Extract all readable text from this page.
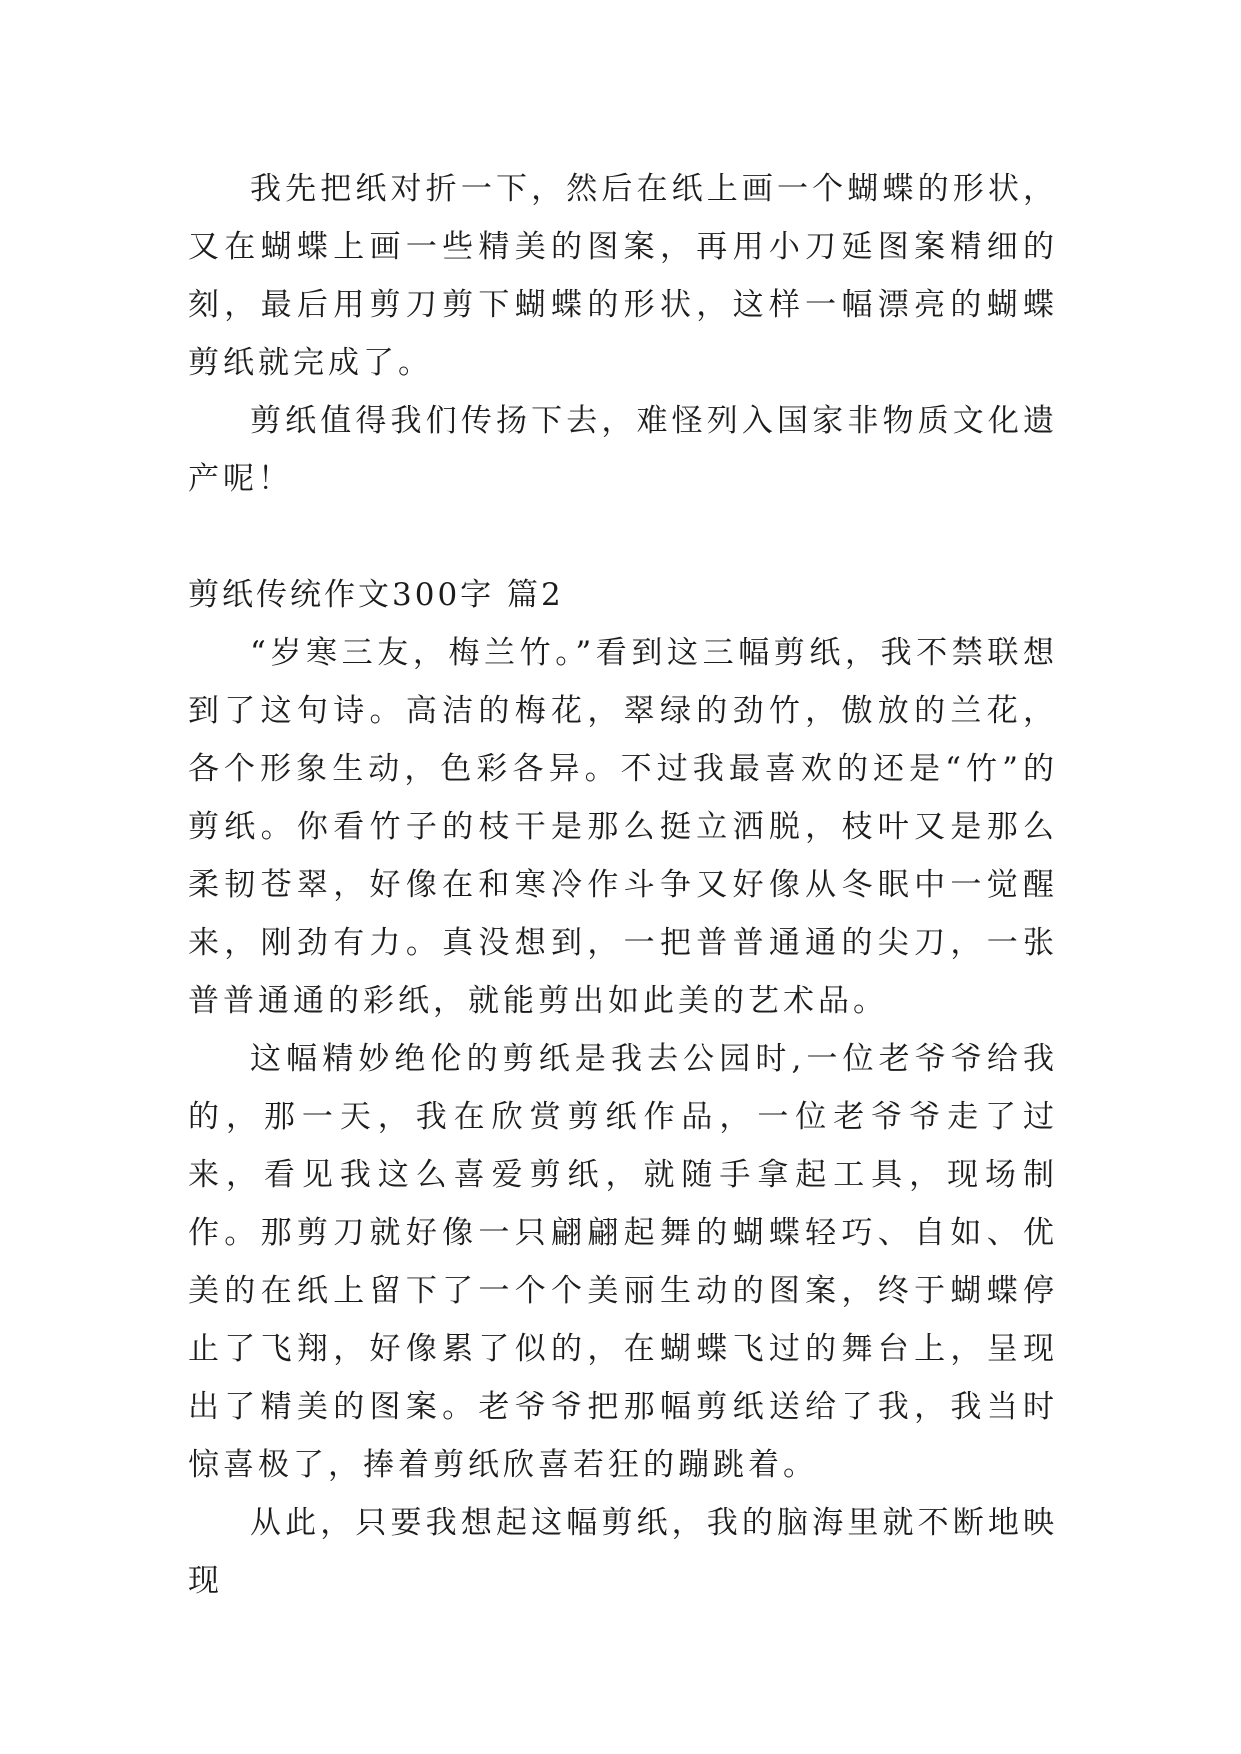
我先把纸对折一下，然后在纸上画一个蝴蝶的形状，又在蝴蝶上画一些精美的图案，再用小刀延图案精细的刻，最后用剪刀剪下蝴蝶的形状，这样一幅漂亮的蝴蝶剪纸就完成了。

剪纸值得我们传扬下去，难怪列入国家非物质文化遗产呢！

剪纸传统作文300字 篇2

“岁寒三友，梅兰竹。”看到这三幅剪纸，我不禁联想到了这句诗。高洁的梅花，翠绿的劲竹，傲放的兰花，各个形象生动，色彩各异。不过我最喜欢的还是“竹”的剪纸。你看竹子的枝干是那么挺立洒脱，枝叶又是那么柔韧苍翠，好像在和寒冷作斗争又好像从冬眠中一觉醒来，刚劲有力。真没想到，一把普普通通的尖刀，一张普普通通的彩纸，就能剪出如此美的艺术品。

这幅精妙绝伦的剪纸是我去公园时,一位老爷爷给我的，那一天，我在欣赏剪纸作品，一位老爷爷走了过来，看见我这么喜爱剪纸，就随手拿起工具，现场制作。那剪刀就好像一只翩翩起舞的蝴蝶轻巧、自如、优美的在纸上留下了一个个美丽生动的图案，终于蝴蝶停止了飞翔，好像累了似的，在蝴蝶飞过的舞台上，呈现出了精美的图案。老爷爷把那幅剪纸送给了我，我当时惊喜极了，捧着剪纸欣喜若狂的蹦跳着。

从此，只要我想起这幅剪纸，我的脑海里就不断地映现
